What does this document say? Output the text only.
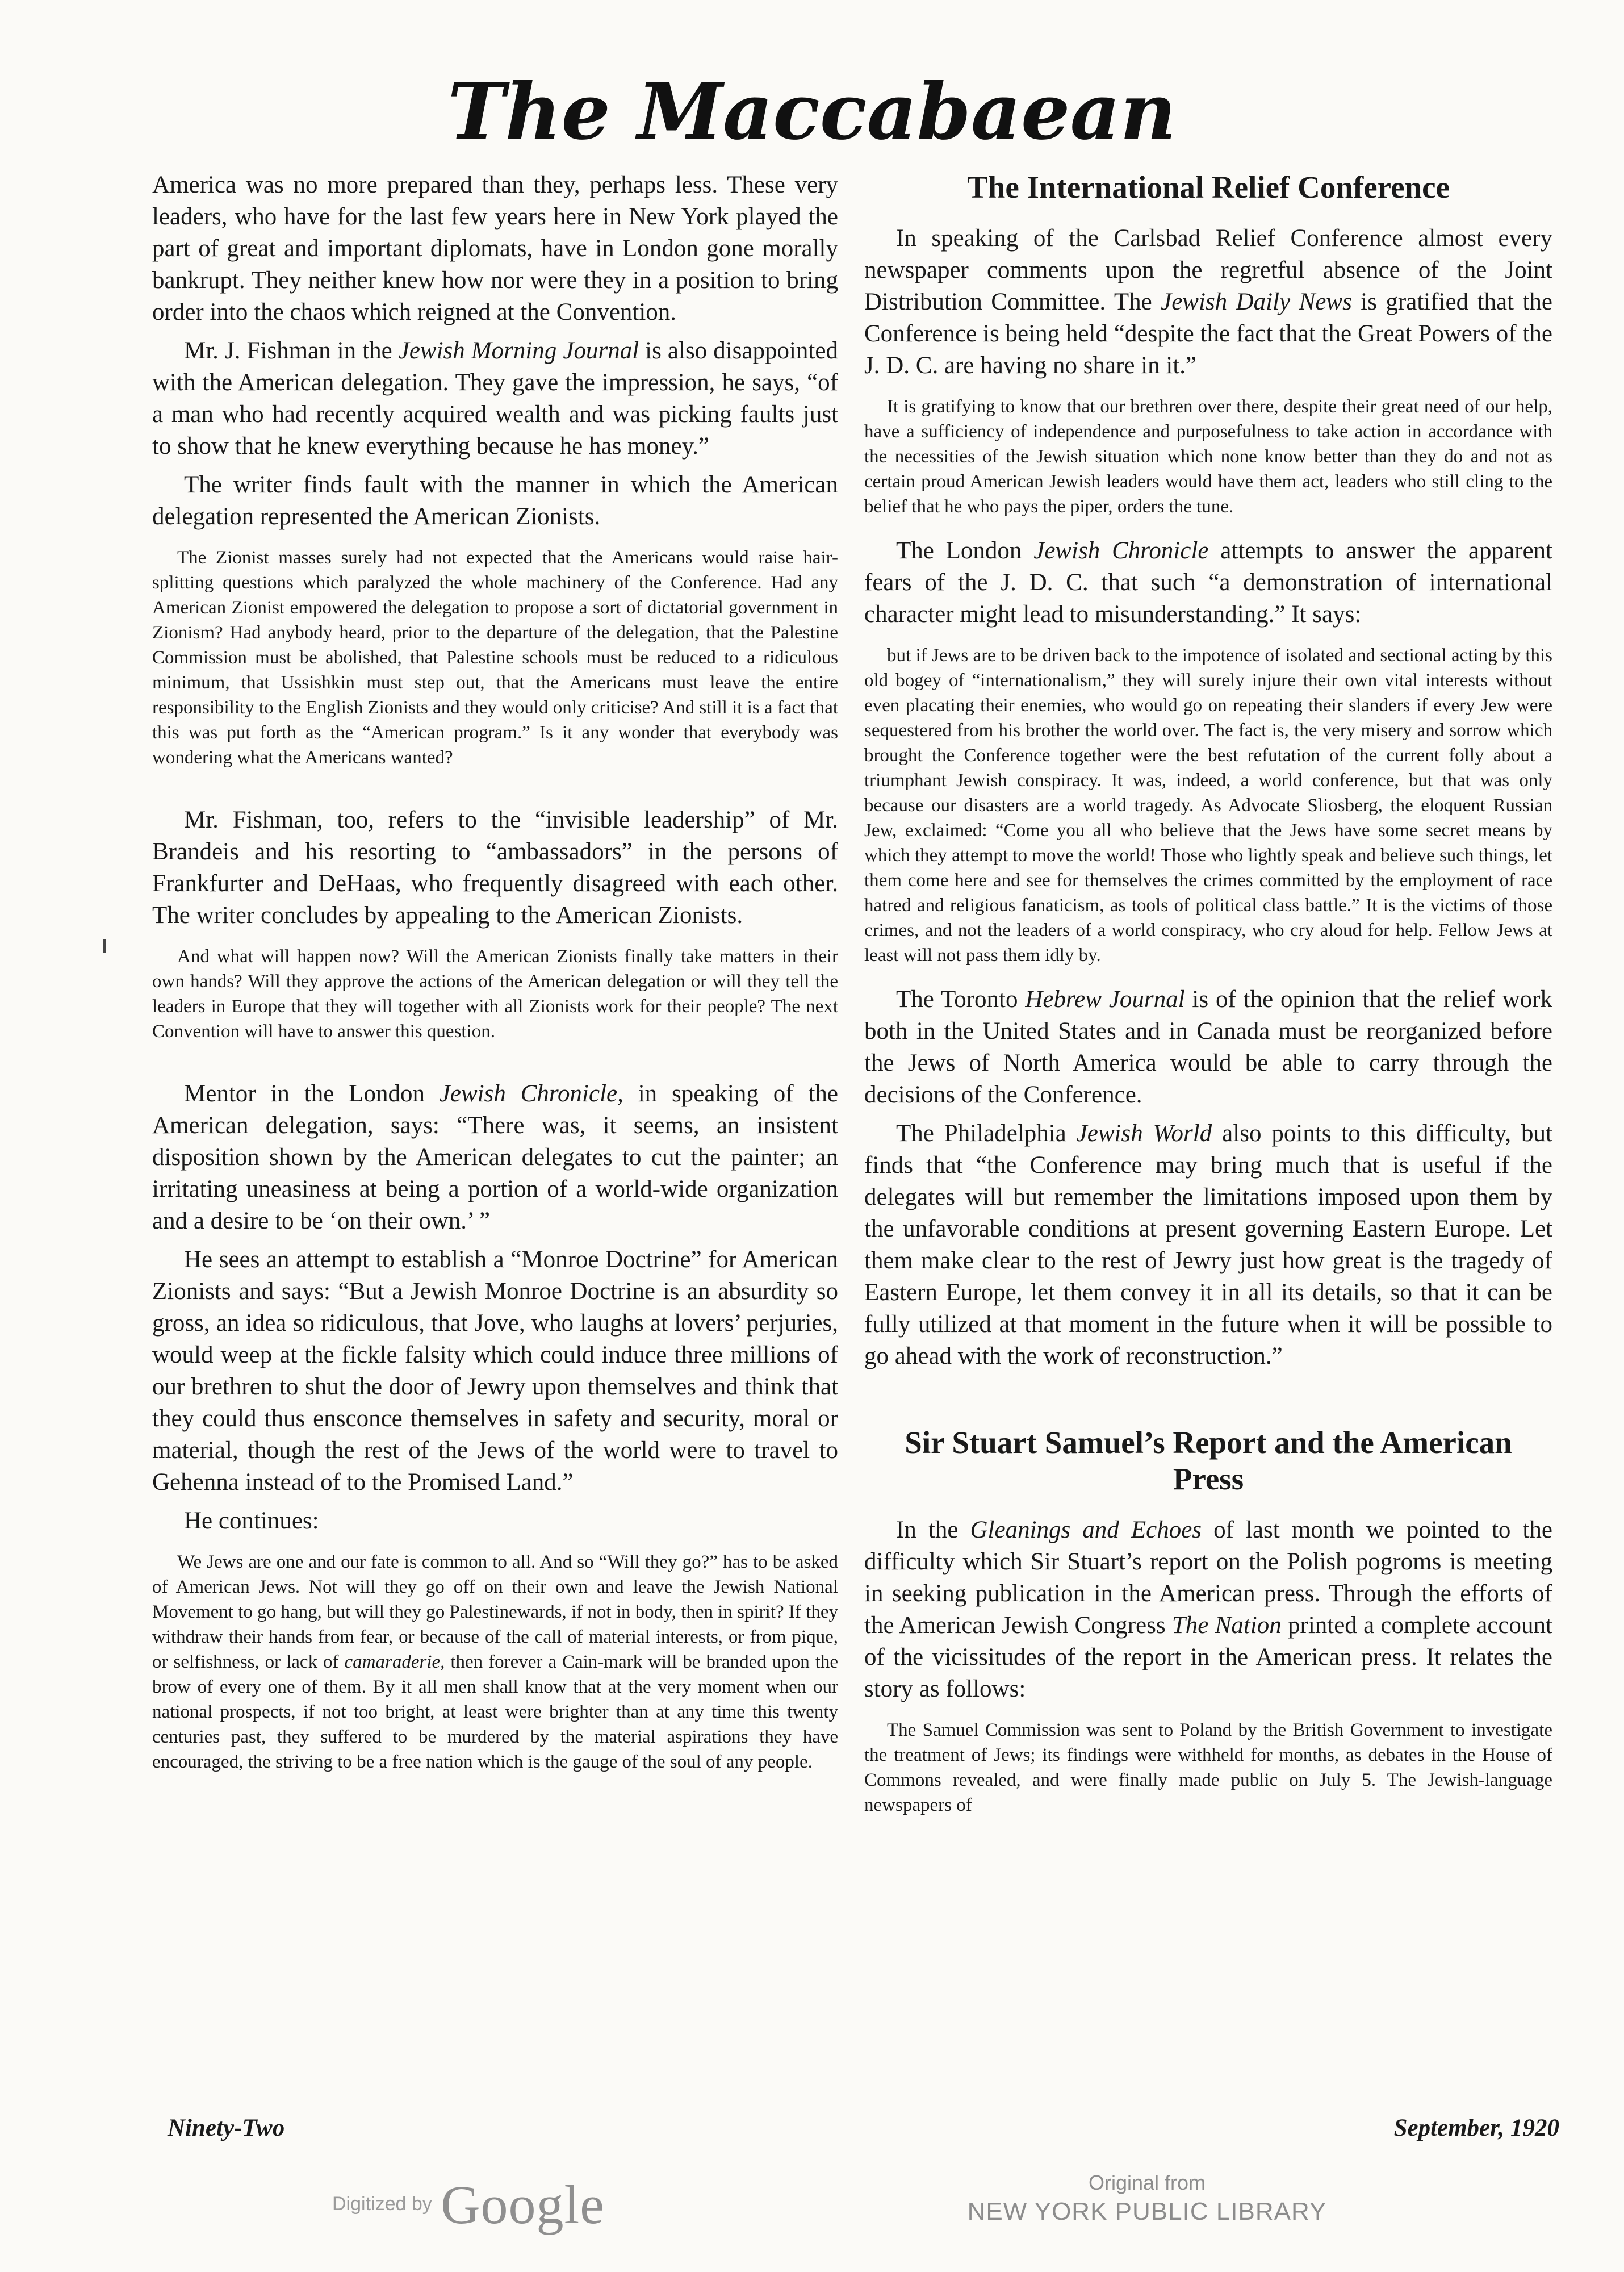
The Maccabaean

America was no more prepared than they, perhaps less. These very leaders, who have for the last few years here in New York played the part of great and important diplomats, have in London gone morally bankrupt. They neither knew how nor were they in a position to bring order into the chaos which reigned at the Convention.

Mr. J. Fishman in the Jewish Morning Journal is also disappointed with the American delegation. They gave the impression, he says, “of a man who had recently acquired wealth and was picking faults just to show that he knew everything because he has money.”

The writer finds fault with the manner in which the American delegation represented the American Zionists.

The Zionist masses surely had not expected that the Americans would raise hair-splitting questions which paralyzed the whole machinery of the Conference. Had any American Zionist empowered the delegation to propose a sort of dictatorial government in Zionism? Had anybody heard, prior to the departure of the delegation, that the Palestine Commission must be abolished, that Palestine schools must be reduced to a ridiculous minimum, that Ussishkin must step out, that the Americans must leave the entire responsibility to the English Zionists and they would only criticise? And still it is a fact that this was put forth as the “American program.” Is it any wonder that everybody was wondering what the Americans wanted?

Mr. Fishman, too, refers to the “invisible leadership” of Mr. Brandeis and his resorting to “ambassadors” in the persons of Frankfurter and DeHaas, who frequently disagreed with each other. The writer concludes by appealing to the American Zionists.

And what will happen now? Will the American Zionists finally take matters in their own hands? Will they approve the actions of the American delegation or will they tell the leaders in Europe that they will together with all Zionists work for their people? The next Convention will have to answer this question.

Mentor in the London Jewish Chronicle, in speaking of the American delegation, says: “There was, it seems, an insistent disposition shown by the American delegates to cut the painter; an irritating uneasiness at being a portion of a world-wide organization and a desire to be ‘on their own.’ ”

He sees an attempt to establish a “Monroe Doctrine” for American Zionists and says: “But a Jewish Monroe Doctrine is an absurdity so gross, an idea so ridiculous, that Jove, who laughs at lovers’ perjuries, would weep at the fickle falsity which could induce three millions of our brethren to shut the door of Jewry upon themselves and think that they could thus ensconce themselves in safety and security, moral or material, though the rest of the Jews of the world were to travel to Gehenna instead of to the Promised Land.”

He continues:

We Jews are one and our fate is common to all. And so “Will they go?” has to be asked of American Jews. Not will they go off on their own and leave the Jewish National Movement to go hang, but will they go Palestinewards, if not in body, then in spirit? If they withdraw their hands from fear, or because of the call of material interests, or from pique, or selfishness, or lack of camaraderie, then forever a Cain-mark will be branded upon the brow of every one of them. By it all men shall know that at the very moment when our national prospects, if not too bright, at least were brighter than at any time this twenty centuries past, they suffered to be murdered by the material aspirations they have encouraged, the striving to be a free nation which is the gauge of the soul of any people.

The International Relief Conference

In speaking of the Carlsbad Relief Conference almost every newspaper comments upon the regretful absence of the Joint Distribution Committee. The Jewish Daily News is gratified that the Conference is being held “despite the fact that the Great Powers of the J. D. C. are having no share in it.”

It is gratifying to know that our brethren over there, despite their great need of our help, have a sufficiency of independence and purposefulness to take action in accordance with the necessities of the Jewish situation which none know better than they do and not as certain proud American Jewish leaders would have them act, leaders who still cling to the belief that he who pays the piper, orders the tune.

The London Jewish Chronicle attempts to answer the apparent fears of the J. D. C. that such “a demonstration of international character might lead to misunderstanding.” It says:

but if Jews are to be driven back to the impotence of isolated and sectional acting by this old bogey of “internationalism,” they will surely injure their own vital interests without even placating their enemies, who would go on repeating their slanders if every Jew were sequestered from his brother the world over. The fact is, the very misery and sorrow which brought the Conference together were the best refutation of the current folly about a triumphant Jewish conspiracy. It was, indeed, a world conference, but that was only because our disasters are a world tragedy. As Advocate Sliosberg, the eloquent Russian Jew, exclaimed: “Come you all who believe that the Jews have some secret means by which they attempt to move the world! Those who lightly speak and believe such things, let them come here and see for themselves the crimes committed by the employment of race hatred and religious fanaticism, as tools of political class battle.” It is the victims of those crimes, and not the leaders of a world conspiracy, who cry aloud for help. Fellow Jews at least will not pass them idly by.

The Toronto Hebrew Journal is of the opinion that the relief work both in the United States and in Canada must be reorganized before the Jews of North America would be able to carry through the decisions of the Conference.

The Philadelphia Jewish World also points to this difficulty, but finds that “the Conference may bring much that is useful if the delegates will but remember the limitations imposed upon them by the unfavorable conditions at present governing Eastern Europe. Let them make clear to the rest of Jewry just how great is the tragedy of Eastern Europe, let them convey it in all its details, so that it can be fully utilized at that moment in the future when it will be possible to go ahead with the work of reconstruction.”

Sir Stuart Samuel’s Report and the American Press

In the Gleanings and Echoes of last month we pointed to the difficulty which Sir Stuart’s report on the Polish pogroms is meeting in seeking publication in the American press. Through the efforts of the American Jewish Congress The Nation printed a complete account of the vicissitudes of the report in the American press. It relates the story as follows:

The Samuel Commission was sent to Poland by the British Government to investigate the treatment of Jews; its findings were withheld for months, as debates in the House of Commons revealed, and were finally made public on July 5. The Jewish-language newspapers of

Ninety-Two	September, 1920
Digitized by Google	Original from
NEW YORK PUBLIC LIBRARY
